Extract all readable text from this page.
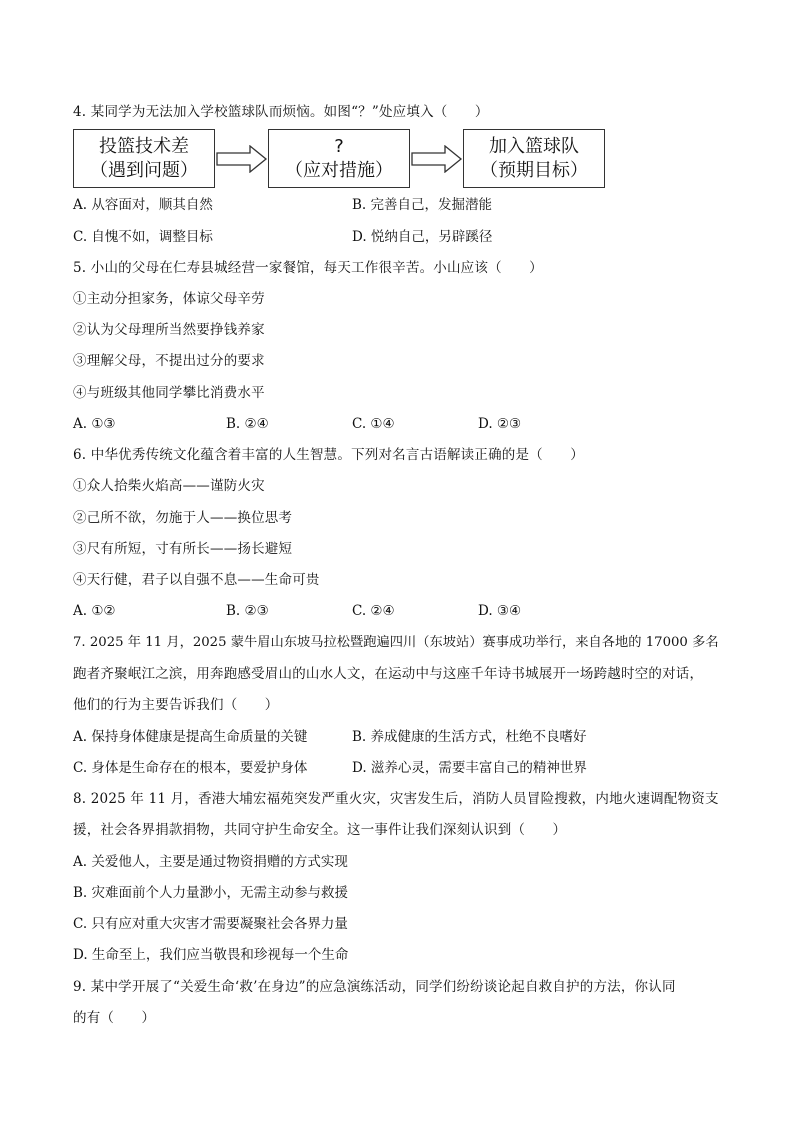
4. 某同学为无法加入学校篮球队而烦恼。如图“？”处应填入（　　）
投篮技术差
（遇到问题）
?
（应对措施）
加入篮球队
（预期目标）
A. 从容面对，顺其自然	B. 完善自己，发掘潜能
C. 自愧不如，调整目标	D. 悦纳自己，另辟蹊径
5. 小山的父母在仁寿县城经营一家餐馆，每天工作很辛苦。小山应该（　　）
①主动分担家务，体谅父母辛劳
②认为父母理所当然要挣钱养家
③理解父母，不提出过分的要求
④与班级其他同学攀比消费水平
A. ①③	B. ②④	C. ①④	D. ②③
6. 中华优秀传统文化蕴含着丰富的人生智慧。下列对名言古语解读正确的是（　　）
①众人拾柴火焰高——谨防火灾
②己所不欲，勿施于人——换位思考
③尺有所短，寸有所长——扬长避短
④天行健，君子以自强不息——生命可贵
A. ①②	B. ②③	C. ②④	D. ③④
7. 2025 年 11 月，2025 蒙牛眉山东坡马拉松暨跑遍四川（东坡站）赛事成功举行，来自各地的 17000 多名
跑者齐聚岷江之滨，用奔跑感受眉山的山水人文，在运动中与这座千年诗书城展开一场跨越时空的对话，
他们的行为主要告诉我们（　　）
A. 保持身体健康是提高生命质量的关键	B. 养成健康的生活方式，杜绝不良嗜好
C. 身体是生命存在的根本，要爱护身体	D. 滋养心灵，需要丰富自己的精神世界
8. 2025 年 11 月，香港大埔宏福苑突发严重火灾，灾害发生后，消防人员冒险搜救，内地火速调配物资支
援，社会各界捐款捐物，共同守护生命安全。这一事件让我们深刻认识到（　　）
A. 关爱他人，主要是通过物资捐赠的方式实现
B. 灾难面前个人力量渺小，无需主动参与救援
C. 只有应对重大灾害才需要凝聚社会各界力量
D. 生命至上，我们应当敬畏和珍视每一个生命
9. 某中学开展了“关爱生命‘救’在身边”的应急演练活动，同学们纷纷谈论起自救自护的方法，你认同
的有（　　）
